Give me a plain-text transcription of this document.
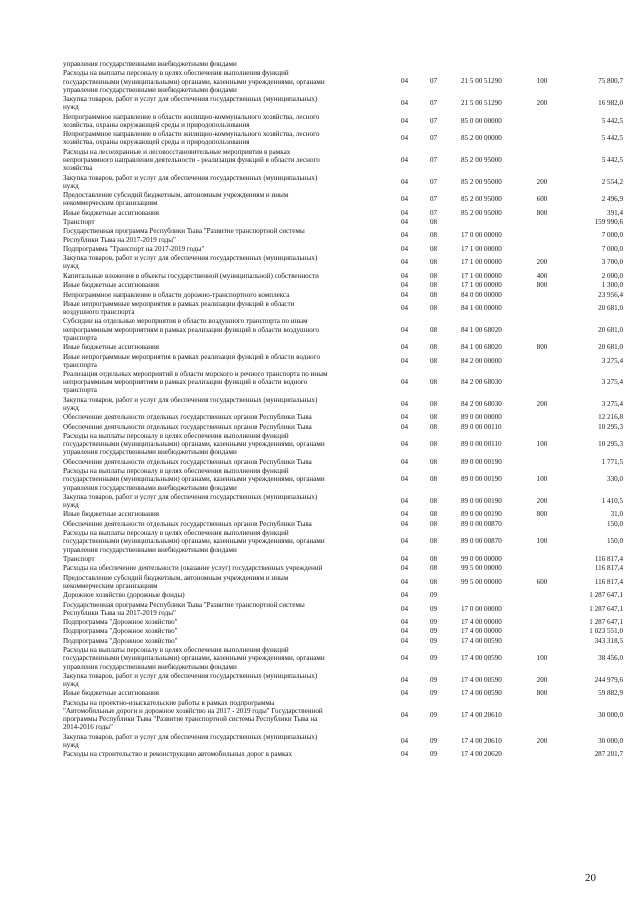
управления государственными внебюджетными фондами
Расходы на выплаты персоналу в целях обеспечения выполнения функций
государственными (муниципальными) органами, казенными учреждениями, органами
управления государственными внебюджетными фондами
04	07	21 5 00 51290	100	75 800,7
Закупка товаров, работ и услуг для обеспечения государственных (муниципальных)
нужд
04	07	21 5 00 51290	200	16 982,0
Непрограммное направление в области жилищно-коммунального хозяйства, лесного
хозяйства, охраны окружающей среды и природопользования
04	07	85 0 00 00000	5 442,5
Непрограммное направление в области жилищно-коммунального хозяйства, лесного
хозяйства, охраны окружающей среды и природопользования
04	07	85 2 00 00000	5 442,5
Расходы на лесоохранные и лесовосстановительные мероприятия в рамках
непрограммного направления деятельности - реализация функций в области лесного
хозяйства
04	07	85 2 00 95000	5 442,5
Закупка товаров, работ и услуг для обеспечения государственных (муниципальных)
нужд
04	07	85 2 00 95000	200	2 554,2
Предоставление субсидий бюджетным, автономным учреждениям и иным
некоммерческим организациям
04	07	85 2 00 95000	600	2 496,9
Иные бюджетные ассигнования	04	07	85 2 00 95000	800	391,4
Транспорт	04	08	159 990,6
Государственная программа Республики Тыва "Развитие транспортной системы
Республики Тыва на 2017-2019 годы"
04	08	17 0 00 00000	7 000,0
Подпрограмма "Транспорт на 2017-2019 годы"	04	08	17 1 00 00000	7 000,0
Закупка товаров, работ и услуг для обеспечения государственных (муниципальных)
нужд
04	08	17 1 00 00000	200	3 700,0
Капитальные вложения в объекты государственной (муниципальной) собственности	04	08	17 1 00 00000	400	2 000,0
Иные бюджетные ассигнования	04	08	17 1 00 00000	800	1 300,0
Непрограммное направление в области дорожно-транспортного комплекса	04	08	84 0 00 00000	23 956,4
Иные непрограммные мероприятия в рамках реализации функций в области
воздушного транспорта
04	08	84 1 00 00000	20 681,0
Субсидии на отдельные мероприятия в области воздушного транспорта по иным
непрограммным мероприятиям в рамках реализации функций в области воздушного
транспорта
04	08	84 1 00 68020	20 681,0
Иные бюджетные ассигнования	04	08	84 1 00 68020	800	20 681,0
Иные непрограммные мероприятия в рамках реализации функций в области водного
транспорта
04	08	84 2 00 00000	3 275,4
Реализация отдельных мероприятий в области морского и речного транспорта по иным
непрограммным мероприятиям в рамках реализации функций в области водного
транспорта
04	08	84 2 00 68030	3 275,4
Закупка товаров, работ и услуг для обеспечения государственных (муниципальных)
нужд
04	08	84 2 00 68030	200	3 275,4
Обеспечение деятельности отдельных государственных органов Республики Тыва	04	08	89 0 00 00000	12 216,8
Обеспечение деятельности отдельных государственных органов Республики Тыва	04	08	89 0 00 00110	10 295,3
Расходы на выплаты персоналу в целях обеспечения выполнения функций
государственными (муниципальными) органами, казенными учреждениями, органами
управления государственными внебюджетными фондами
04	08	89 0 00 00110	100	10 295,3
Обеспечение деятельности отдельных государственных органов Республики Тыва	04	08	89 0 00 00190	1 771,5
Расходы на выплаты персоналу в целях обеспечения выполнения функций
государственными (муниципальными) органами, казенными учреждениями, органами
управления государственными внебюджетными фондами
04	08	89 0 00 00190	100	330,0
Закупка товаров, работ и услуг для обеспечения государственных (муниципальных)
нужд
04	08	89 0 00 00190	200	1 410,5
Иные бюджетные ассигнования	04	08	89 0 00 00190	800	31,0
Обеспечение деятельности отдельных государственных органов Республики Тыва	04	08	89 0 00 00870	150,0
Расходы на выплаты персоналу в целях обеспечения выполнения функций
государственными (муниципальными) органами, казенными учреждениями, органами
управления государственными внебюджетными фондами
04	08	89 0 00 00870	100	150,0
Транспорт	04	08	99 0 00 00000	116 817,4
Расходы на обеспечение деятельности (оказание услуг) государственных учреждений	04	08	99 5 00 00000	116 817,4
Предоставление субсидий бюджетным, автономным учреждениям и иным
некоммерческим организациям
04	08	99 5 00 00000	600	116 817,4
Дорожное хозяйство (дорожные фонды)	04	09	1 287 647,1
Государственная программа Республики Тыва "Развитие транспортной системы
Республики Тыва на 2017-2019 годы"
04	09	17 0 00 00000	1 287 647,1
Подпрограмма "Дорожное хозяйство"	04	09	17 4 00 00000	1 287 647,1
Подпрограмма "Дорожное хозяйство"	04	09	17 4 00 00000	1 023 551,0
Подпрограмма "Дорожное хозяйство"	04	09	17 4 00 00590	343 318,5
Расходы на выплаты персоналу в целях обеспечения выполнения функций
государственными (муниципальными) органами, казенными учреждениями, органами
управления государственными внебюджетными фондами
04	09	17 4 00 00590	100	38 456,0
Закупка товаров, работ и услуг для обеспечения государственных (муниципальных)
нужд
04	09	17 4 00 00590	200	244 979,6
Иные бюджетные ассигнования	04	09	17 4 00 00590	800	59 882,9
Расходы на проектно-изыскательские работы в рамках подпрограммы
"Автомобильные дороги и дорожное хозяйство на 2017 - 2019 годы" Государственной
программы Республики Тыва "Развитие транспортной системы Республики Тыва на
2014-2016 годы"
04	09	17 4 00 20610	30 000,0
Закупка товаров, работ и услуг для обеспечения государственных (муниципальных)
нужд
04	09	17 4 00 20610	200	30 000,0
Расходы на строительство и реконструкцию автомобильных дорог в рамках	04	09	17 4 00 20620	287 201,7
20
